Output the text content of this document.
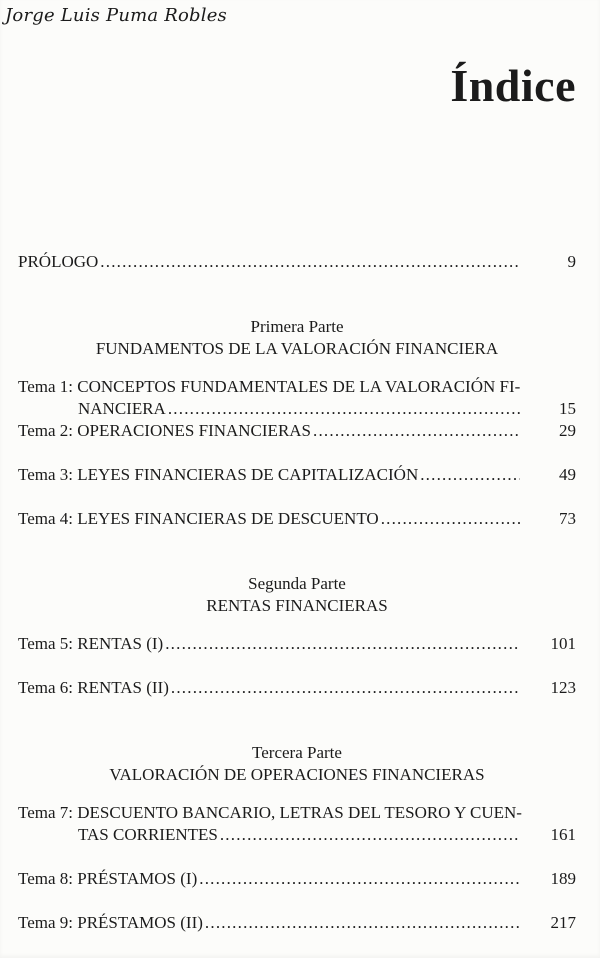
Jorge Luis Puma Robles
Índice
PRÓLOGO .....	9
Primera Parte
FUNDAMENTOS DE LA VALORACIÓN FINANCIERA
Tema 1: CONCEPTOS FUNDAMENTALES DE LA VALORACIÓN FI-
NANCIERA .....	15
Tema 2: OPERACIONES FINANCIERAS .....	29
Tema 3: LEYES FINANCIERAS DE CAPITALIZACIÓN .....	49
Tema 4: LEYES FINANCIERAS DE DESCUENTO .....	73
Segunda Parte
RENTAS FINANCIERAS
Tema 5: RENTAS (I) .....	101
Tema 6: RENTAS (II) .....	123
Tercera Parte
VALORACIÓN DE OPERACIONES FINANCIERAS
Tema 7: DESCUENTO BANCARIO, LETRAS DEL TESORO Y CUEN-
TAS CORRIENTES .....	161
Tema 8: PRÉSTAMOS (I) .....	189
Tema 9: PRÉSTAMOS (II) .....	217
